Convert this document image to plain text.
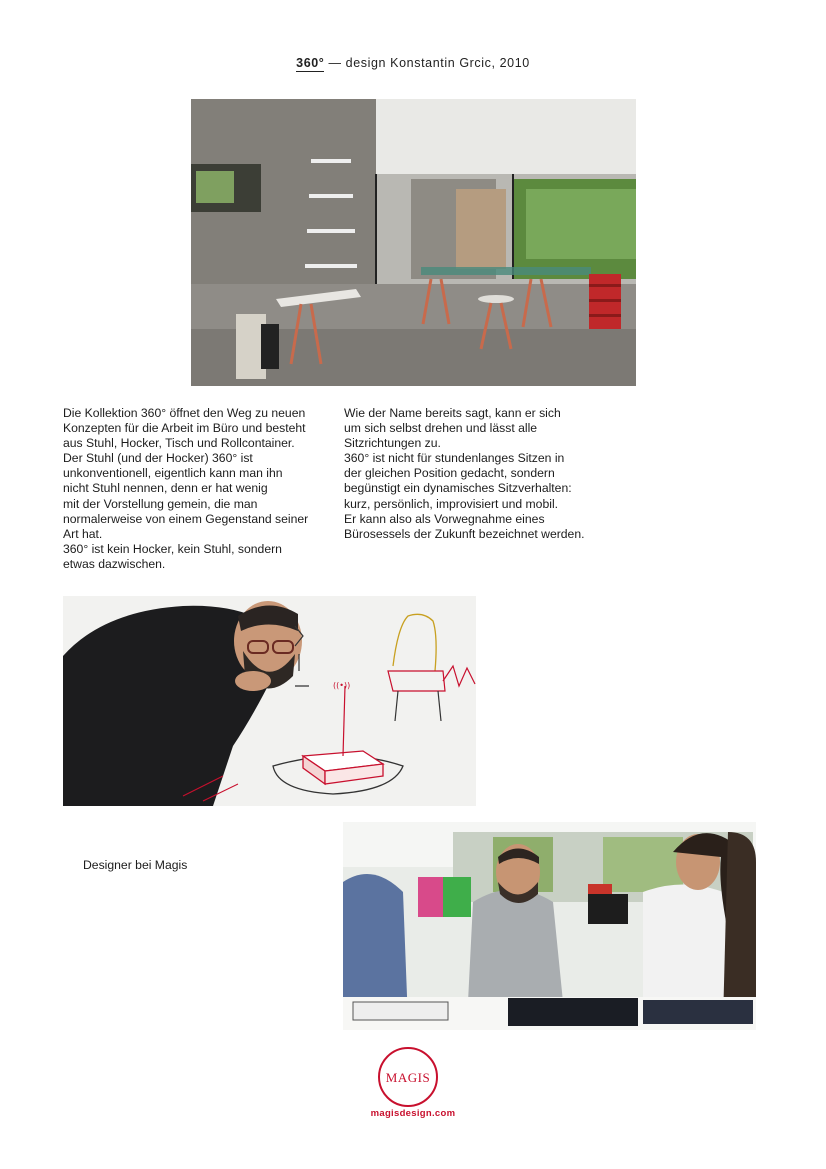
360° — design Konstantin Grcic, 2010

Die Kollektion 360° öffnet den Weg zu neuen

Konzepten für die Arbeit im Büro und besteht

aus Stuhl, Hocker, Tisch und Rollcontainer.

Der Stuhl (und der Hocker) 360° ist

unkonventionell, eigentlich kann man ihn

nicht Stuhl nennen, denn er hat wenig

mit der Vorstellung gemein, die man

normalerweise von einem Gegenstand seiner

Art hat.

360° ist kein Hocker, kein Stuhl, sondern

etwas dazwischen.

Wie der Name bereits sagt, kann er sich

um sich selbst drehen und lässt alle

Sitzrichtungen zu.

360° ist nicht für stundenlanges Sitzen in

der gleichen Position gedacht, sondern

begünstigt ein dynamisches Sitzverhalten:

kurz, persönlich, improvisiert und mobil.

Er kann also als Vorwegnahme eines

Bürosessels der Zukunft bezeichnet werden.

((•))
Designer bei Magis
MAGIS
magisdesign.com
